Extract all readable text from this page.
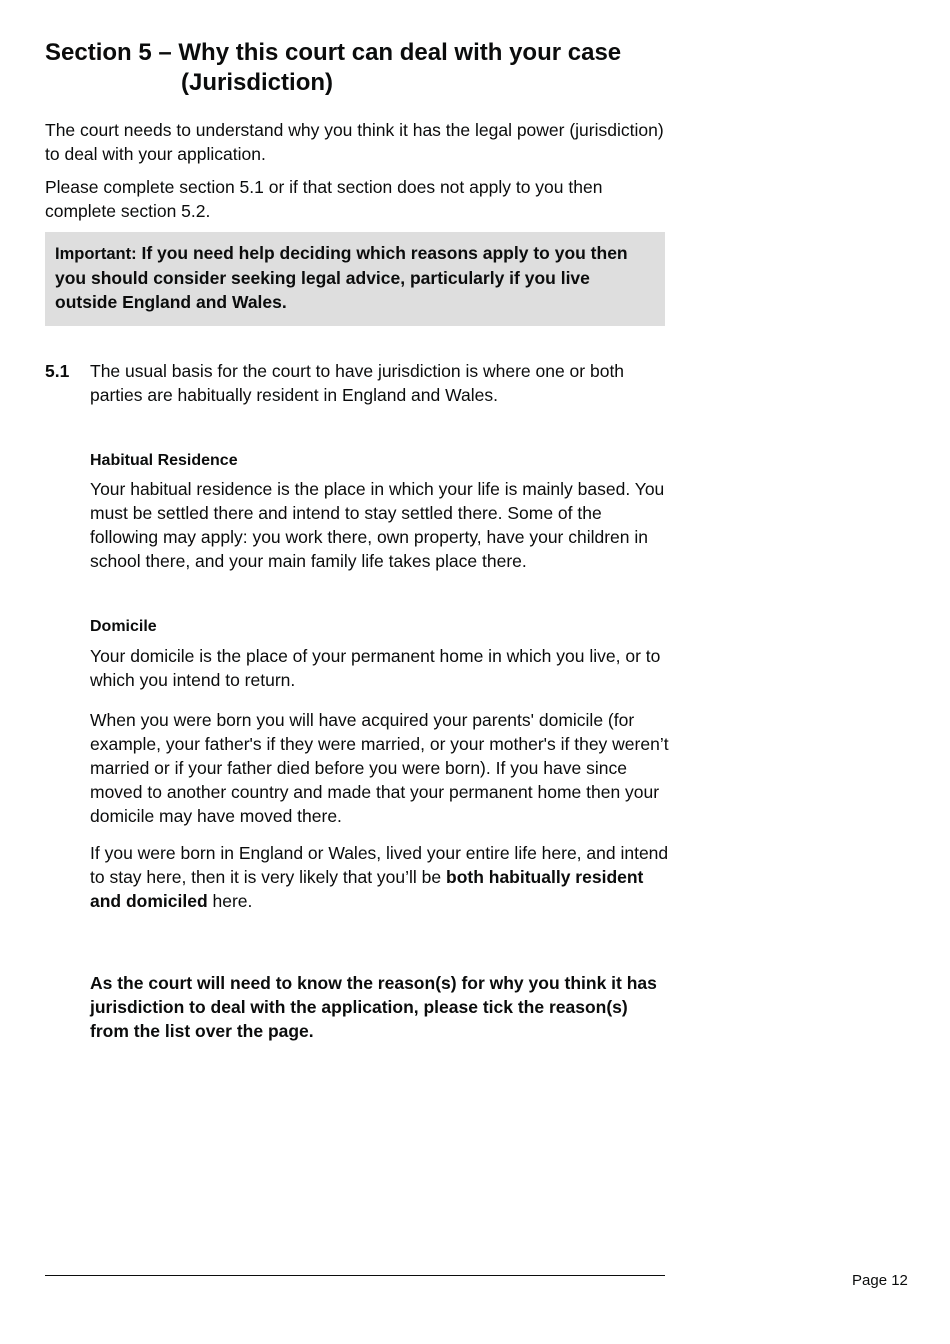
Section 5 – Why this court can deal with your case
(Jurisdiction)

The court needs to understand why you think it has the legal power (jurisdiction) to deal with your application.

Please complete section 5.1 or if that section does not apply to you then complete section 5.2.

Important: If you need help deciding which reasons apply to you then you should consider seeking legal advice, particularly if you live outside England and Wales.
5.1 The usual basis for the court to have jurisdiction is where one or both parties are habitually resident in England and Wales.

Habitual Residence

Your habitual residence is the place in which your life is mainly based. You must be settled there and intend to stay settled there. Some of the following may apply: you work there, own property, have your children in school there, and your main family life takes place there.

Domicile

Your domicile is the place of your permanent home in which you live, or to which you intend to return.

When you were born you will have acquired your parents' domicile (for example, your father's if they were married, or your mother's if they weren’t married or if your father died before you were born). If you have since moved to another country and made that your permanent home then your domicile may have moved there.

If you were born in England or Wales, lived your entire life here, and intend to stay here, then it is very likely that you’ll be both habitually resident and domiciled here.

As the court will need to know the reason(s) for why you think it has jurisdiction to deal with the application, please tick the reason(s) from the list over the page.

Page 12
